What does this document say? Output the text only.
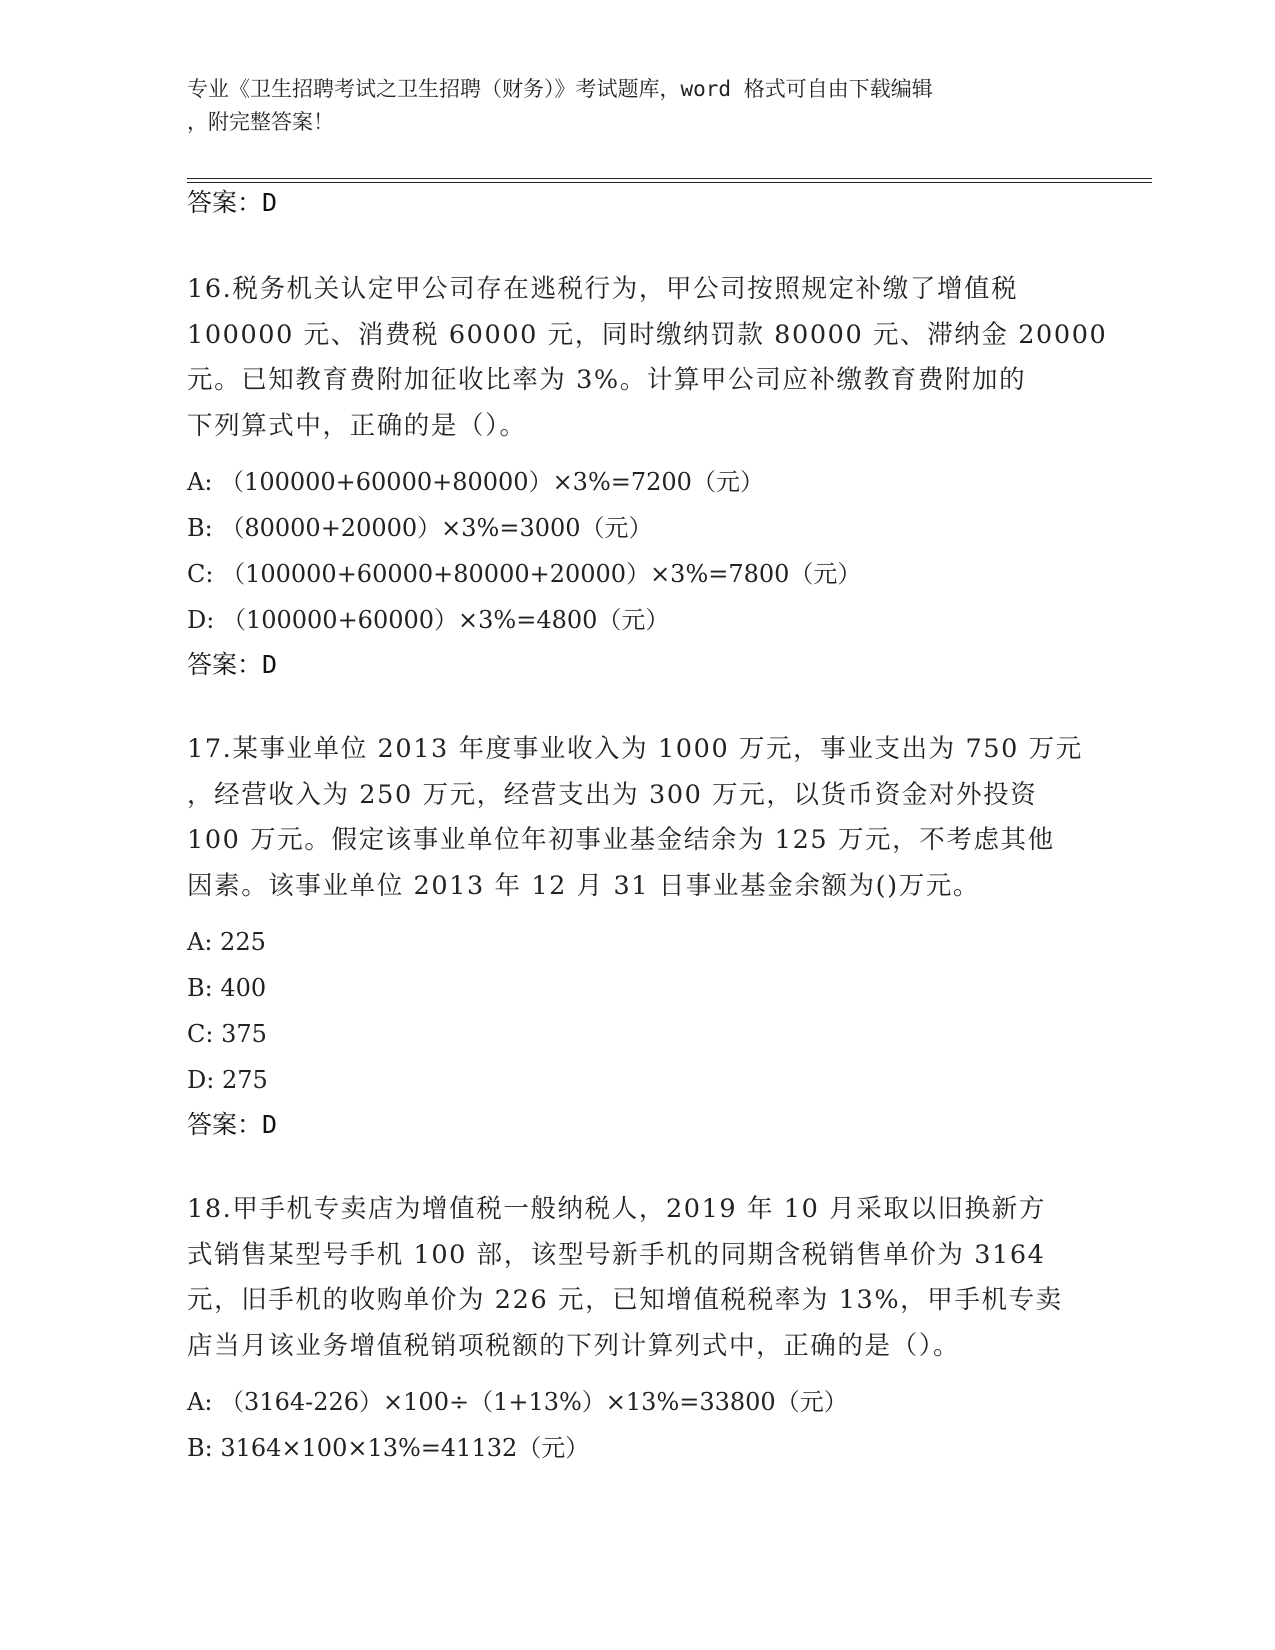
专业《卫生招聘考试之卫生招聘（财务）》考试题库，word 格式可自由下载编辑
，附完整答案！
答案：D
16.税务机关认定甲公司存在逃税行为，甲公司按照规定补缴了增值税
100000 元、消费税 60000 元，同时缴纳罚款 80000 元、滞纳金 20000
元。已知教育费附加征收比率为 3%。计算甲公司应补缴教育费附加的
下列算式中，正确的是（）。
A: （100000+60000+80000）×3%=7200（元）
B: （80000+20000）×3%=3000（元）
C: （100000+60000+80000+20000）×3%=7800（元）
D: （100000+60000）×3%=4800（元）
答案：D
17.某事业单位 2013 年度事业收入为 1000 万元，事业支出为 750 万元
，经营收入为 250 万元，经营支出为 300 万元，以货币资金对外投资
100 万元。假定该事业单位年初事业基金结余为 125 万元，不考虑其他
因素。该事业单位 2013 年 12 月 31 日事业基金余额为()万元。
A: 225
B: 400
C: 375
D: 275
答案：D
18.甲手机专卖店为增值税一般纳税人，2019 年 10 月采取以旧换新方
式销售某型号手机 100 部，该型号新手机的同期含税销售单价为 3164
元，旧手机的收购单价为 226 元，已知增值税税率为 13%，甲手机专卖
店当月该业务增值税销项税额的下列计算列式中，正确的是（）。
A: （3164-226）×100÷（1+13%）×13%=33800（元）
B: 3164×100×13%=41132（元）
